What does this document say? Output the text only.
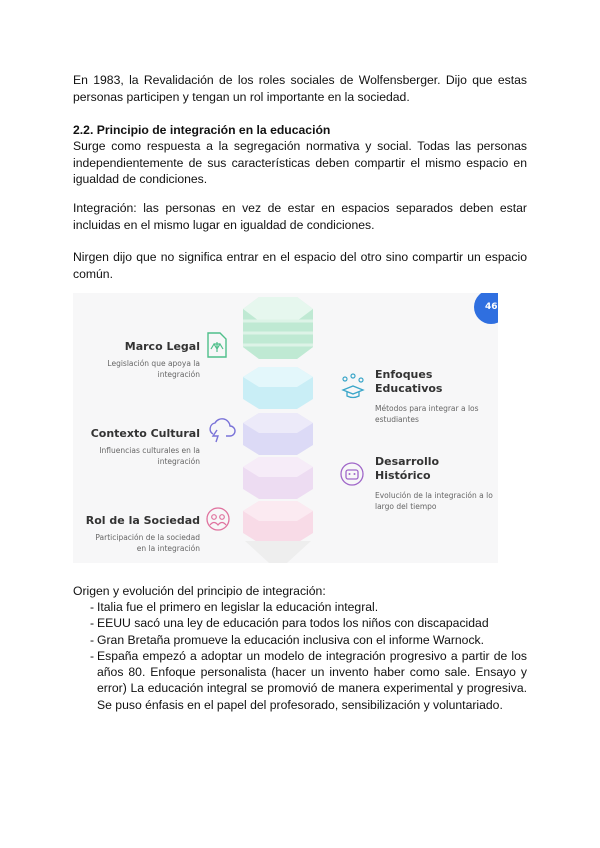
En 1983, la Revalidación de los roles sociales de Wolfensberger. Dijo que estas personas participen y tengan un rol importante en la sociedad.

2.2. Principio de integración en la educación

Surge como respuesta a la segregación normativa y social. Todas las personas independientemente de sus características deben compartir el mismo espacio en igualdad de condiciones.

Integración: las personas en vez de estar en espacios separados deben estar incluidas en el mismo lugar en igualdad de condiciones.

Nirgen dijo que no significa entrar en el espacio del otro sino compartir un espacio común.

46
Marco Legal
Legislación que apoya la integración
Contexto Cultural
Influencias culturales en la integración
Rol de la Sociedad
Participación de la sociedad en la integración
Enfoques Educativos
Métodos para integrar a los estudiantes
Desarrollo Histórico
Evolución de la integración a lo largo del tiempo

Origen y evolución del principio de integración:

- Italia fue el primero en legislar la educación integral.
- EEUU sacó una ley de educación para todos los niños con discapacidad
- Gran Bretaña promueve la educación inclusiva con el informe Warnock.
- España empezó a adoptar un modelo de integración progresivo a partir de los años 80. Enfoque personalista (hacer un invento haber como sale. Ensayo y error) La educación integral se promovió de manera experimental y progresiva. Se puso énfasis en el papel del profesorado, sensibilización y voluntariado.
